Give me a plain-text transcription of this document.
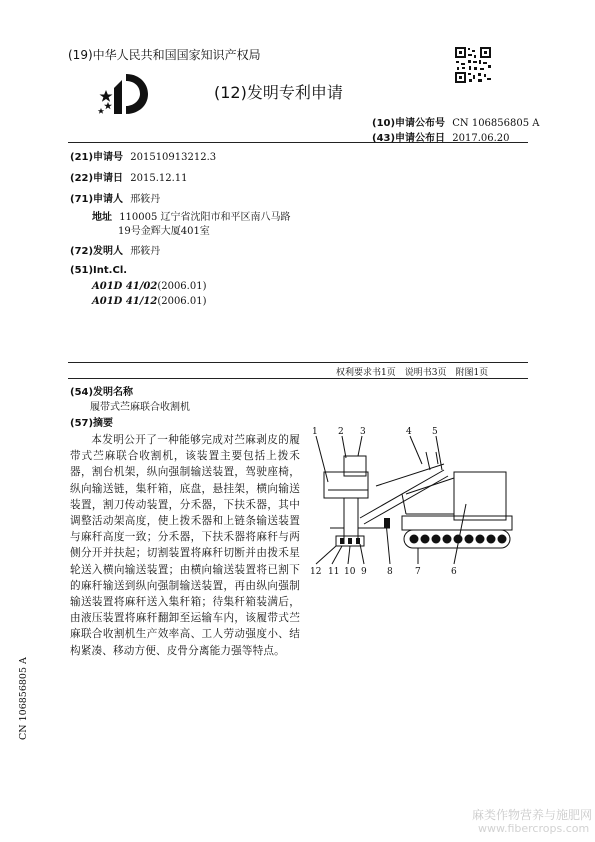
(19)中华人民共和国国家知识产权局
(12)发明专利申请
(10)申请公布号 CN 106856805 A
(43)申请公布日 2017.06.20
(21)申请号 201510913212.3
(22)申请日 2015.12.11
(71)申请人 邢筱丹
地址 110005 辽宁省沈阳市和平区南八马路
19号金辉大厦401室
(72)发明人 邢筱丹
(51)Int.Cl.
A01D 41/02(2006.01)
A01D 41/12(2006.01)
权利要求书1页　说明书3页　附图1页
(54)发明名称
履带式苎麻联合收割机
(57)摘要
本发明公开了一种能够完成对苎麻剥皮的履带式苎麻联合收割机，该装置主要包括上拨禾器，割台机架，纵向强制输送装置，驾驶座椅，纵向输送链，集秆箱，底盘，悬挂架，横向输送装置，割刀传动装置，分禾器，下扶禾器，其中调整活动架高度，使上拨禾器和上链条输送装置与麻秆高度一致；分禾器，下扶禾器将麻秆与两侧分开并扶起；切割装置将麻秆切断并由拨禾星轮送入横向输送装置；由横向输送装置将已割下的麻秆输送到纵向强制输送装置，再由纵向强制输送装置将麻秆送入集秆箱；待集秆箱装满后，由液压装置将麻秆翻卸至运输车内，该履带式苎麻联合收割机生产效率高、工人劳动强度小、结构紧凑、移动方便、皮骨分离能力强等特点。
1 2 3	4 5
12 11 10 9 8 7	6
CN 106856805 A
麻类作物营养与施肥网
www.fibercrops.com
